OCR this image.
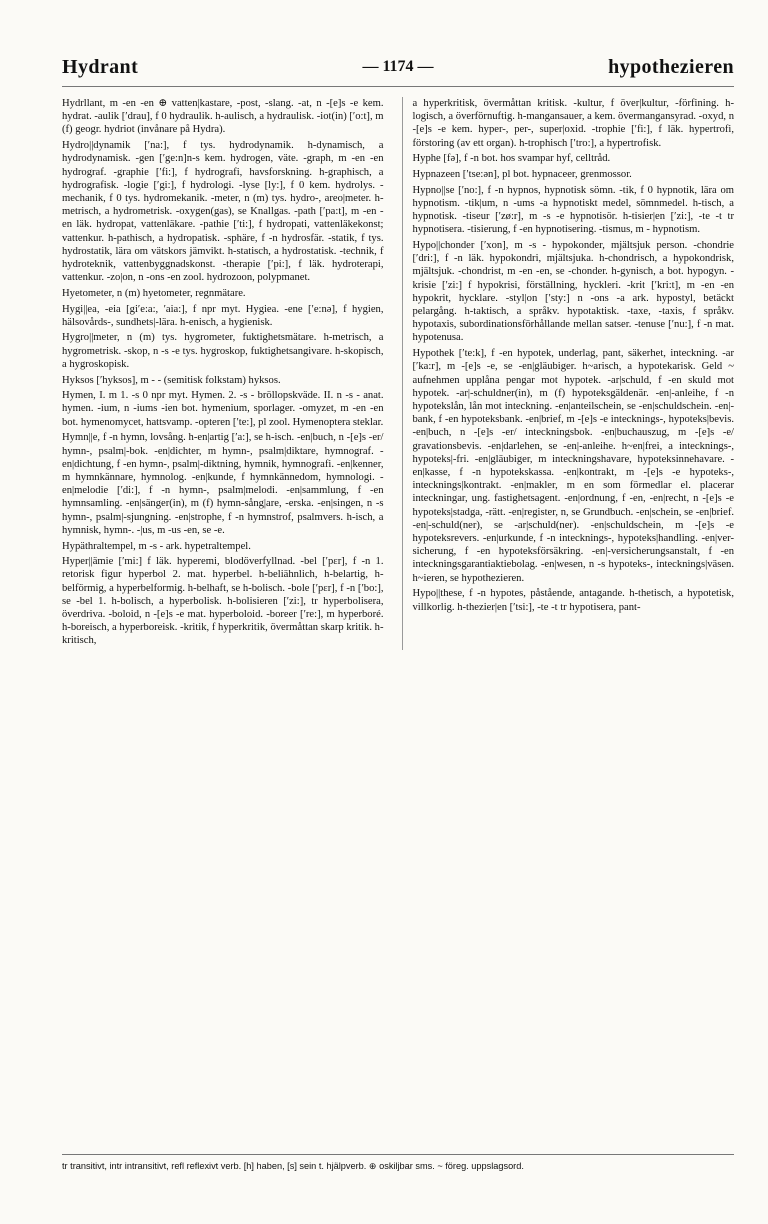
Hydrant	— 1174 —	hypothezieren

Hydrllant, m -en -en ⊕ vatten|kastare, -post, -slang. -at, n -[e]s -e kem. hydrat. -aulik [′drau], f 0 hydraulik. h-aulisch, a hydraulisk. -iot(in) [′o:t], m (f) geogr. hydriot (invånare på Hydra).

Hydro||dynamik [′na:], f tys. hydrodynamik. h-dynamisch, a hydrodynamisk. -gen [′ge:n]n-s kem. hydrogen, väte. -graph, m -en -en hydrograf. -graphie [′fi:], f hydrografi, havsforskning. h-graphisch, a hydrografisk. -logie [′gi:], f hydrologi. -lyse [ly:], f 0 kem. hydrolys. -mechanik, f 0 tys. hydromekanik. -meter, n (m) tys. hydro-, areo|meter. h-metrisch, a hydrometrisk. -oxygen(gas), se Knallgas. -path [′pa:t], m -en -en läk. hydropat, vattenläkare. -pathie [′ti:], f hydropati, vattenläkekonst; vattenkur. h-pathisch, a hydropatisk. -sphäre, f -n hydrosfär. -statik, f tys. hydrostatik, lära om vätskors jämvikt. h-statisch, a hydrostatisk. -technik, f hydroteknik, vattenbyggnadskonst. -therapie [′pi:], f läk. hydroterapi, vattenkur. -zo|on, n -ons -en zool. hydrozoon, polypmanet.

Hyetometer, n (m) hyetometer, regnmätare.

Hygi||ea, -eia [gi′e:a:, ′aia:], f npr myt. Hygiea. -ene [′e:nə], f hygien, hälsovårds-, sundhets|-lära. h-enisch, a hygienisk.

Hygro||meter, n (m) tys. hygrometer, fuktighetsmätare. h-metrisch, a hygrometrisk. -skop, n -s -e tys. hygroskop, fuktighetsangivare. h-skopisch, a hygroskopisk.

Hyksos [′hyksos], m - - (semitisk folkstam) hyksos.

Hymen, I. m 1. -s 0 npr myt. Hymen. 2. -s - bröllopskväde. II. n -s - anat. hymen. -ium, n -iums -ien bot. hymenium, sporlager. -omyzet, m -en -en bot. hymenomycet, hattsvamp. -opteren [′te:], pl zool. Hymenoptera steklar.

Hymn||e, f -n hymn, lovsång. h-en|artig [′a:], se h-isch. -en|buch, n -[e]s -er/ hymn-, psalm|-bok. -en|dichter, m hymn-, psalm|diktare, hymnograf. -en|dichtung, f -en hymn-, psalm|-diktning, hymnik, hymnografi. -en|kenner, m hymnkännare, hymnolog. -en|kunde, f hymnkännedom, hymnologi. -en|melodie [′di:], f -n hymn-, psalm|melodi. -en|sammlung, f -en hymnsamling. -en|sänger(in), m (f) hymn-sång|are, -erska. -en|singen, n -s hymn-, psalm|-sjungning. -en|strophe, f -n hymnstrof, psalmvers. h-isch, a hymnisk, hymn-. -|us, m -us -en, se -e.

Hypäthraltempel, m -s - ark. hypetraltempel.

Hyper||ämie [′mi:] f läk. hyperemi, blodöverfyllnad. -bel [′pɛr], f -n 1. retorisk figur hyperbol 2. mat. hyperbel. h-beliähnlich, h-belartig, h-belförmig, a hyperbelformig. h-belhaft, se h-bolisch. -bole [′pɛr], f -n [′bo:], se -bel 1. h-bolisch, a hyperbolisk. h-bolisieren [′zi:], tr hyperbolisera, överdriva. -boloid, n -[e]s -e mat. hyperboloid. -boreer [′re:], m hyperboré. h-boreisch, a hyperboreisk. -kritik, f hyperkritik, övermåttan skarp kritik. h-kritisch,

a hyperkritisk, övermåttan kritisk. -kultur, f över|kultur, -förfining. h-logisch, a överförnuftig. h-mangansauer, a kem. övermangansyrad. -oxyd, n -[e]s -e kem. hyper-, per-, super|oxid. -trophie [′fi:], f läk. hypertrofi, förstoring (av ett organ). h-trophisch [′tro:], a hypertrofisk.

Hyphe [fə], f -n bot. hos svampar hyf, celltråd.

Hypnazeen [′tse:ən], pl bot. hypnaceer, grenmossor.

Hypno||se [′no:], f -n hypnos, hypnotisk sömn. -tik, f 0 hypnotik, lära om hypnotism. -tik|um, n -ums -a hypnotiskt medel, sömnmedel. h-tisch, a hypnotisk. -tiseur [′zø:r], m -s -e hypnotisör. h-tisier|en [′zi:], -te -t tr hypnotisera. -tisierung, f -en hypnotisering. -tismus, m - hypnotism.

Hypo||chonder [′xon], m -s - hypokonder, mjältsjuk person. -chondrie [′dri:], f -n läk. hypokondri, mjältsjuka. h-chondrisch, a hypokondrisk, mjältsjuk. -chondrist, m -en -en, se -chonder. h-gynisch, a bot. hypogyn. -krisie [′zi:] f hypokrisi, förställning, hyckleri. -krit [′kri:t], m -en -en hypokrit, hycklare. -styl|on [′sty:] n -ons -a ark. hypostyl, betäckt pelargång. h-taktisch, a språkv. hypotaktisk. -taxe, -taxis, f språkv. hypotaxis, subordinationsförhållande mellan satser. -tenuse [′nu:], f -n mat. hypotenusa.

Hypothek [′te:k], f -en hypotek, underlag, pant, säkerhet, inteckning. -ar [′ka:r], m -[e]s -e, se -en|gläubiger. h~arisch, a hypotekarisk. Geld ~ aufnehmen upplåna pengar mot hypotek. -ar|schuld, f -en skuld mot hypotek. -ar|-schuldner(in), m (f) hypoteksgäldenär. -en|-anleihe, f -n hypotekslån, lån mot inteckning. -en|anteilschein, se -en|schuldschein. -en|-bank, f -en hypoteksbank. -en|brief, m -[e]s -e intecknings-, hypoteks|bevis. -en|buch, n -[e]s -er/ inteckningsbok. -en|buchauszug, m -[e]s -e/ gravationsbevis. -en|darlehen, se -en|-anleihe. h~en|frei, a intecknings-, hypoteks|-fri. -en|gläubiger, m inteckningshavare, hypoteksinnehavare. -en|kasse, f -n hypotekskassa. -en|kontrakt, m -[e]s -e hypoteks-, intecknings|kontrakt. -en|makler, m en som förmedlar el. placerar inteckningar, ung. fastighetsagent. -en|ordnung, f -en, -en|recht, n -[e]s -e hypoteks|stadga, -rätt. -en|register, n, se Grundbuch. -en|schein, se -en|brief. -en|-schuld(ner), se -ar|schuld(ner). -en|schuldschein, m -[e]s -e hypoteksrevers. -en|urkunde, f -n intecknings-, hypoteks|handling. -en|ver-sicherung, f -en hypoteksförsäkring. -en|-versicherungsanstalt, f -en inteckningsgarantiaktiebolag. -en|wesen, n -s hypoteks-, intecknings|väsen. h~ieren, se hypothezieren.

Hypo||these, f -n hypotes, påstående, antagande. h-thetisch, a hypotetisk, villkorlig. h-thezier|en [′tsi:], -te -t tr hypotisera, pant-

tr transitivt, intr intransitivt, refl reflexivt verb. [h] haben, [s] sein t. hjälpverb. ⊕ oskiljbar sms. ~ föreg. uppslagsord.
